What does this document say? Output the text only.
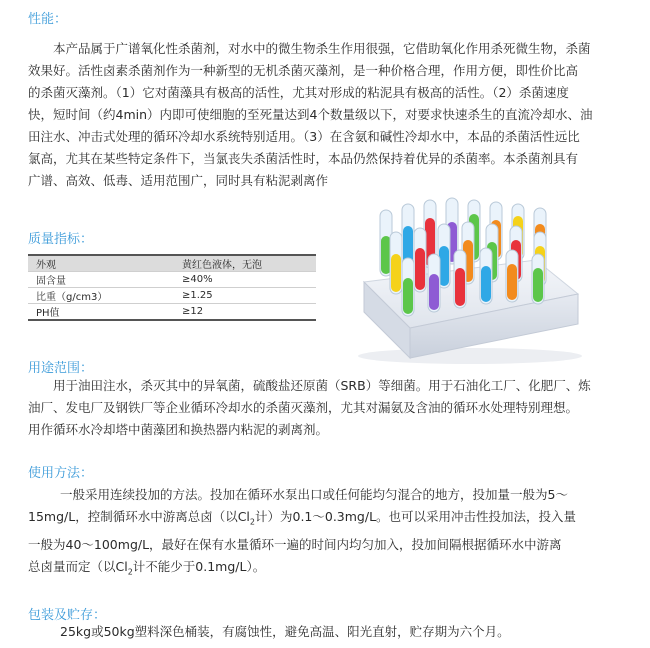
性能：
本产品属于广谱氧化性杀菌剂，对水中的微生物杀生作用很强，它借助氧化作用杀死微生物，杀菌
效果好。活性卤素杀菌剂作为一种新型的无机杀菌灭藻剂，是一种价格合理，作用方便，即性价比高
的杀菌灭藻剂。（1）它对菌藻具有极高的活性，尤其对形成的粘泥具有极高的活性。（2）杀菌速度
快，短时间（约4min）内即可使细胞的至死量达到4个数量级以下，对要求快速杀生的直流冷却水、油
田注水、冲击式处理的循环冷却水系统特别适用。（3）在含氨和碱性冷却水中，本品的杀菌活性远比
氯高，尤其在某些特定条件下，当氯丧失杀菌活性时，本品仍然保持着优异的杀菌率。本杀菌剂具有
广谱、高效、低毒、适用范围广，同时具有粘泥剥离作
质量指标：
外观	黄红色液体，无泡
固含量	≥40%
比重（g/cm3）	≥1.25
PH值	≥12
用途范围：
用于油田注水，杀灭其中的异氧菌，硫酸盐还原菌（SRB）等细菌。用于石油化工厂、化肥厂、炼
油厂、发电厂及钢铁厂等企业循环冷却水的杀菌灭藻剂，尤其对漏氨及含油的循环水处理特别理想。
用作循环水冷却塔中菌藻团和换热器内粘泥的剥离剂。
使用方法：
一般采用连续投加的方法。投加在循环水泵出口或任何能均匀混合的地方，投加量一般为5～
15mg/L，控制循环水中游离总卤（以$Cl_2$计）为0.1～0.3mg/L。也可以采用冲击性投加法，投入量
一般为40～100mg/L，最好在保有水量循环一遍的时间内均匀加入，投加间隔根据循环水中游离
总卤量而定（以$Cl_2$计不能少于0.1mg/L）。
包装及贮存：
25kg或50kg塑料深色桶装，有腐蚀性，避免高温、阳光直射，贮存期为六个月。
